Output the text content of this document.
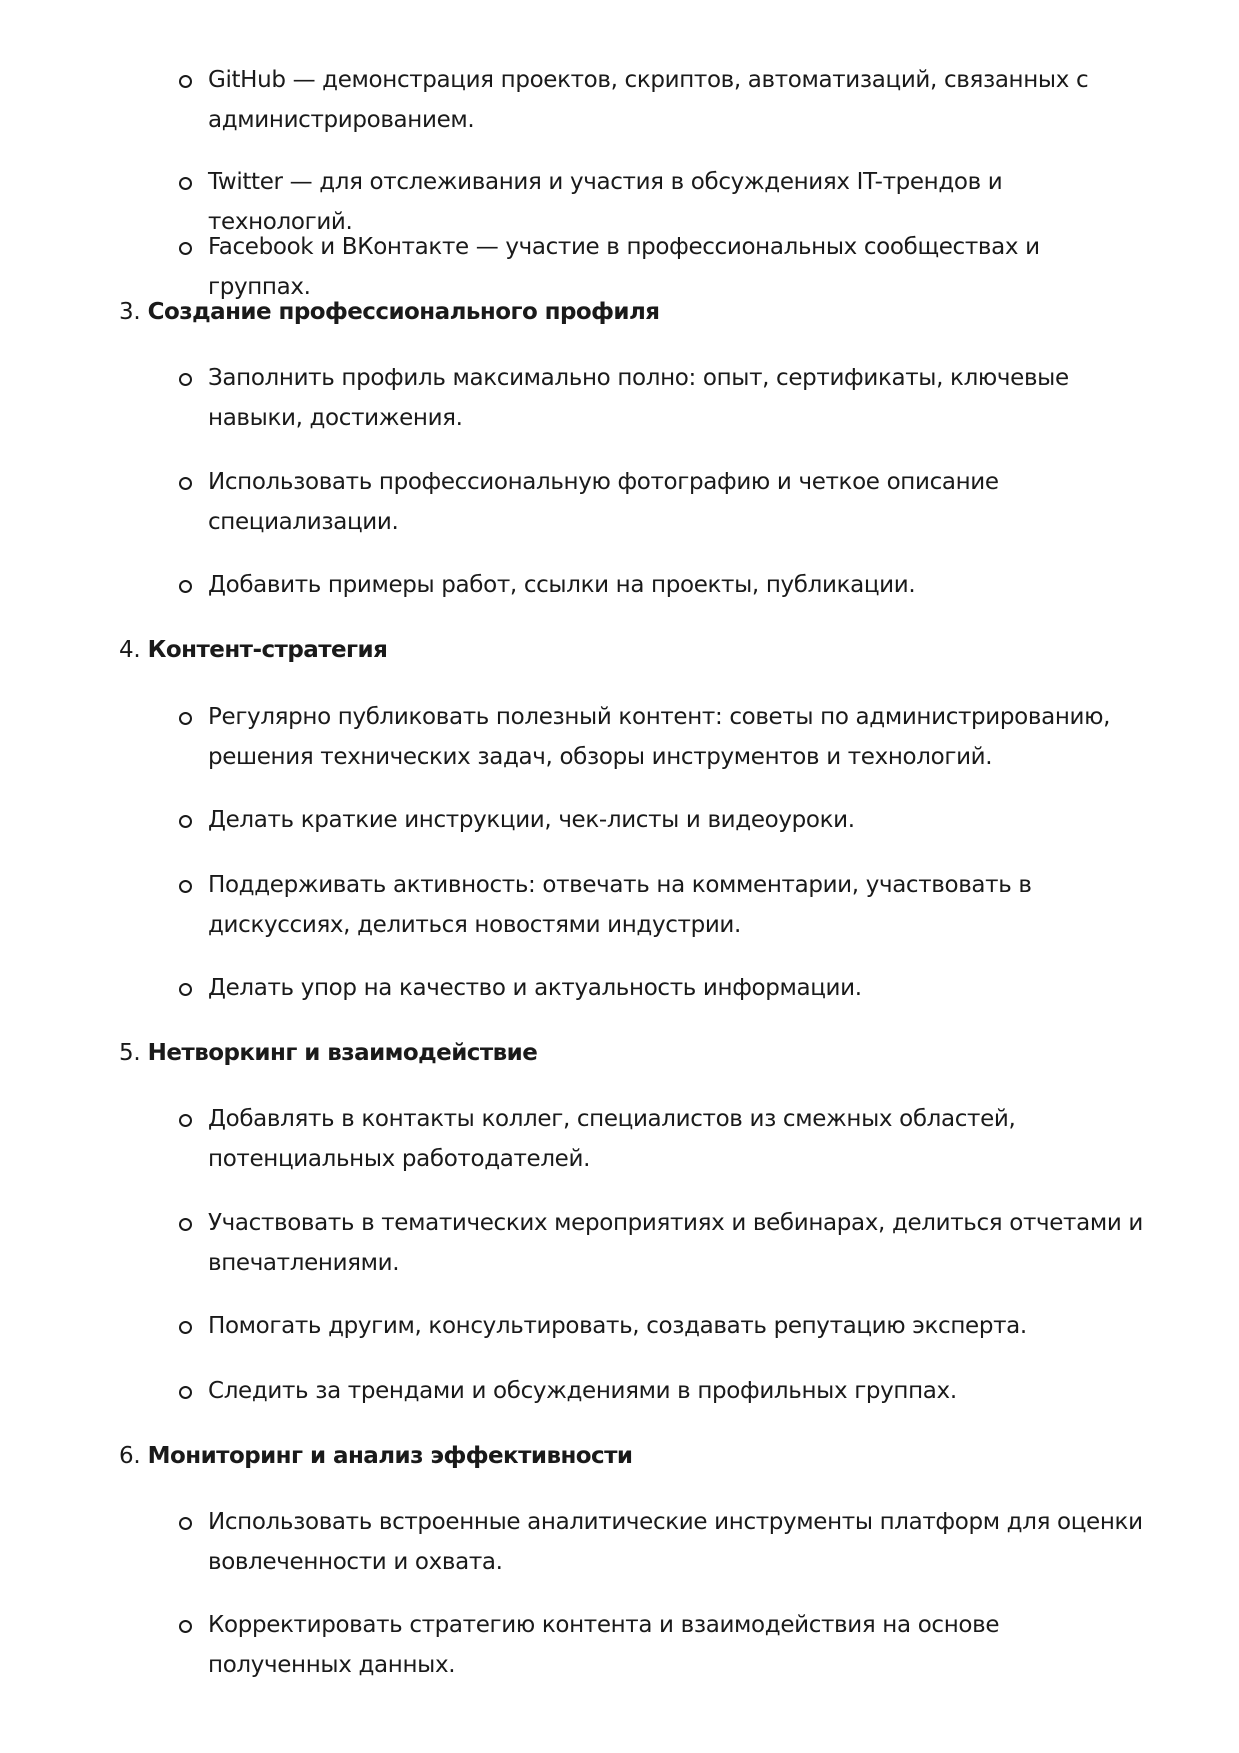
GitHub — демонстрация проектов, скриптов, автоматизаций, связанных с администрированием.
Twitter — для отслеживания и участия в обсуждениях IT-трендов и технологий.
Facebook и ВКонтакте — участие в профессиональных сообществах и группах.
3. Создание профессионального профиля
Заполнить профиль максимально полно: опыт, сертификаты, ключевые навыки, достижения.
Использовать профессиональную фотографию и четкое описание специализации.
Добавить примеры работ, ссылки на проекты, публикации.
4. Контент-стратегия
Регулярно публиковать полезный контент: советы по администрированию, решения технических задач, обзоры инструментов и технологий.
Делать краткие инструкции, чек-листы и видеоуроки.
Поддерживать активность: отвечать на комментарии, участвовать в дискуссиях, делиться новостями индустрии.
Делать упор на качество и актуальность информации.
5. Нетворкинг и взаимодействие
Добавлять в контакты коллег, специалистов из смежных областей, потенциальных работодателей.
Участвовать в тематических мероприятиях и вебинарах, делиться отчетами и впечатлениями.
Помогать другим, консультировать, создавать репутацию эксперта.
Следить за трендами и обсуждениями в профильных группах.
6. Мониторинг и анализ эффективности
Использовать встроенные аналитические инструменты платформ для оценки вовлеченности и охвата.
Корректировать стратегию контента и взаимодействия на основе полученных данных.
